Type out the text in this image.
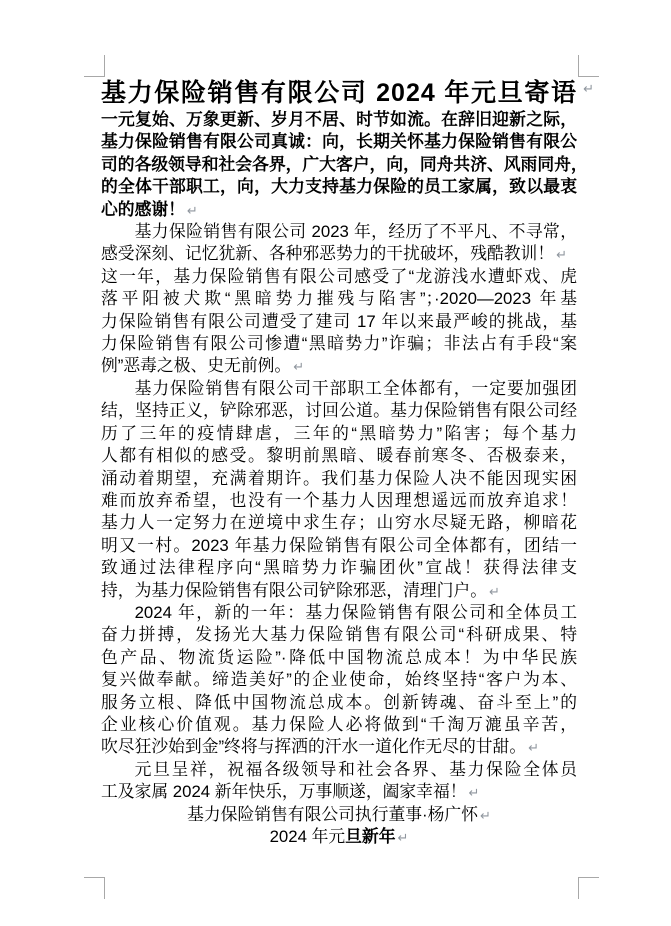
基力保险销售有限公司 2024 年元旦寄语 ↵
一元复始、万象更新、岁月不居、时节如流。在辞旧迎新之际，
基力保险销售有限公司真诚：向，长期关怀基力保险销售有限公
司的各级领导和社会各界，广大客户，向，同舟共济、风雨同舟，
的全体干部职工，向，大力支持基力保险的员工家属，致以最衷
心的感谢！ ↵
基力保险销售有限公司 2023 年，经历了不平凡、不寻常，
感受深刻、记忆犹新、各种邪恶势力的干扰破坏，残酷教训！ ↵
这一年，基力保险销售有限公司感受了“龙游浅水遭虾戏、虎
落平阳被犬欺“黑暗势力摧残与陷害”；·2020—2023 年基
力保险销售有限公司遭受了建司 17 年以来最严峻的挑战，基
力保险销售有限公司惨遭“黑暗势力”诈骗；非法占有手段“案
例”恶毒之极、史无前例。 ↵
基力保险销售有限公司干部职工全体都有，一定要加强团
结，坚持正义，铲除邪恶，讨回公道。基力保险销售有限公司经
历了三年的疫情肆虐，三年的“黑暗势力”陷害；每个基力
人都有相似的感受。黎明前黑暗、暖春前寒冬、否极泰来，
涌动着期望，充满着期许。我们基力保险人决不能因现实困
难而放弃希望，也没有一个基力人因理想遥远而放弃追求！
基力人一定努力在逆境中求生存；山穷水尽疑无路，柳暗花
明又一村。2023 年基力保险销售有限公司全体都有，团结一
致通过法律程序向“黑暗势力诈骗团伙”宣战！获得法律支
持，为基力保险销售有限公司铲除邪恶，清理门户。 ↵
2024 年，新的一年：基力保险销售有限公司和全体员工
奋力拼搏，发扬光大基力保险销售有限公司“科研成果、特
色产品、物流货运险”·降低中国物流总成本！为中华民族
复兴做奉献。缔造美好”的企业使命，始终坚持“客户为本、
服务立根、降低中国物流总成本。创新铸魂、奋斗至上”的
企业核心价值观。基力保险人必将做到“千淘万漉虽辛苦，
吹尽狂沙始到金”终将与挥洒的汗水一道化作无尽的甘甜。 ↵
元旦呈祥，祝福各级领导和社会各界、基力保险全体员
工及家属 2024 新年快乐，万事顺遂，阖家幸福！ ↵
基力保险销售有限公司执行董事·杨广怀 ↵
2024 年元旦新年 ↵
